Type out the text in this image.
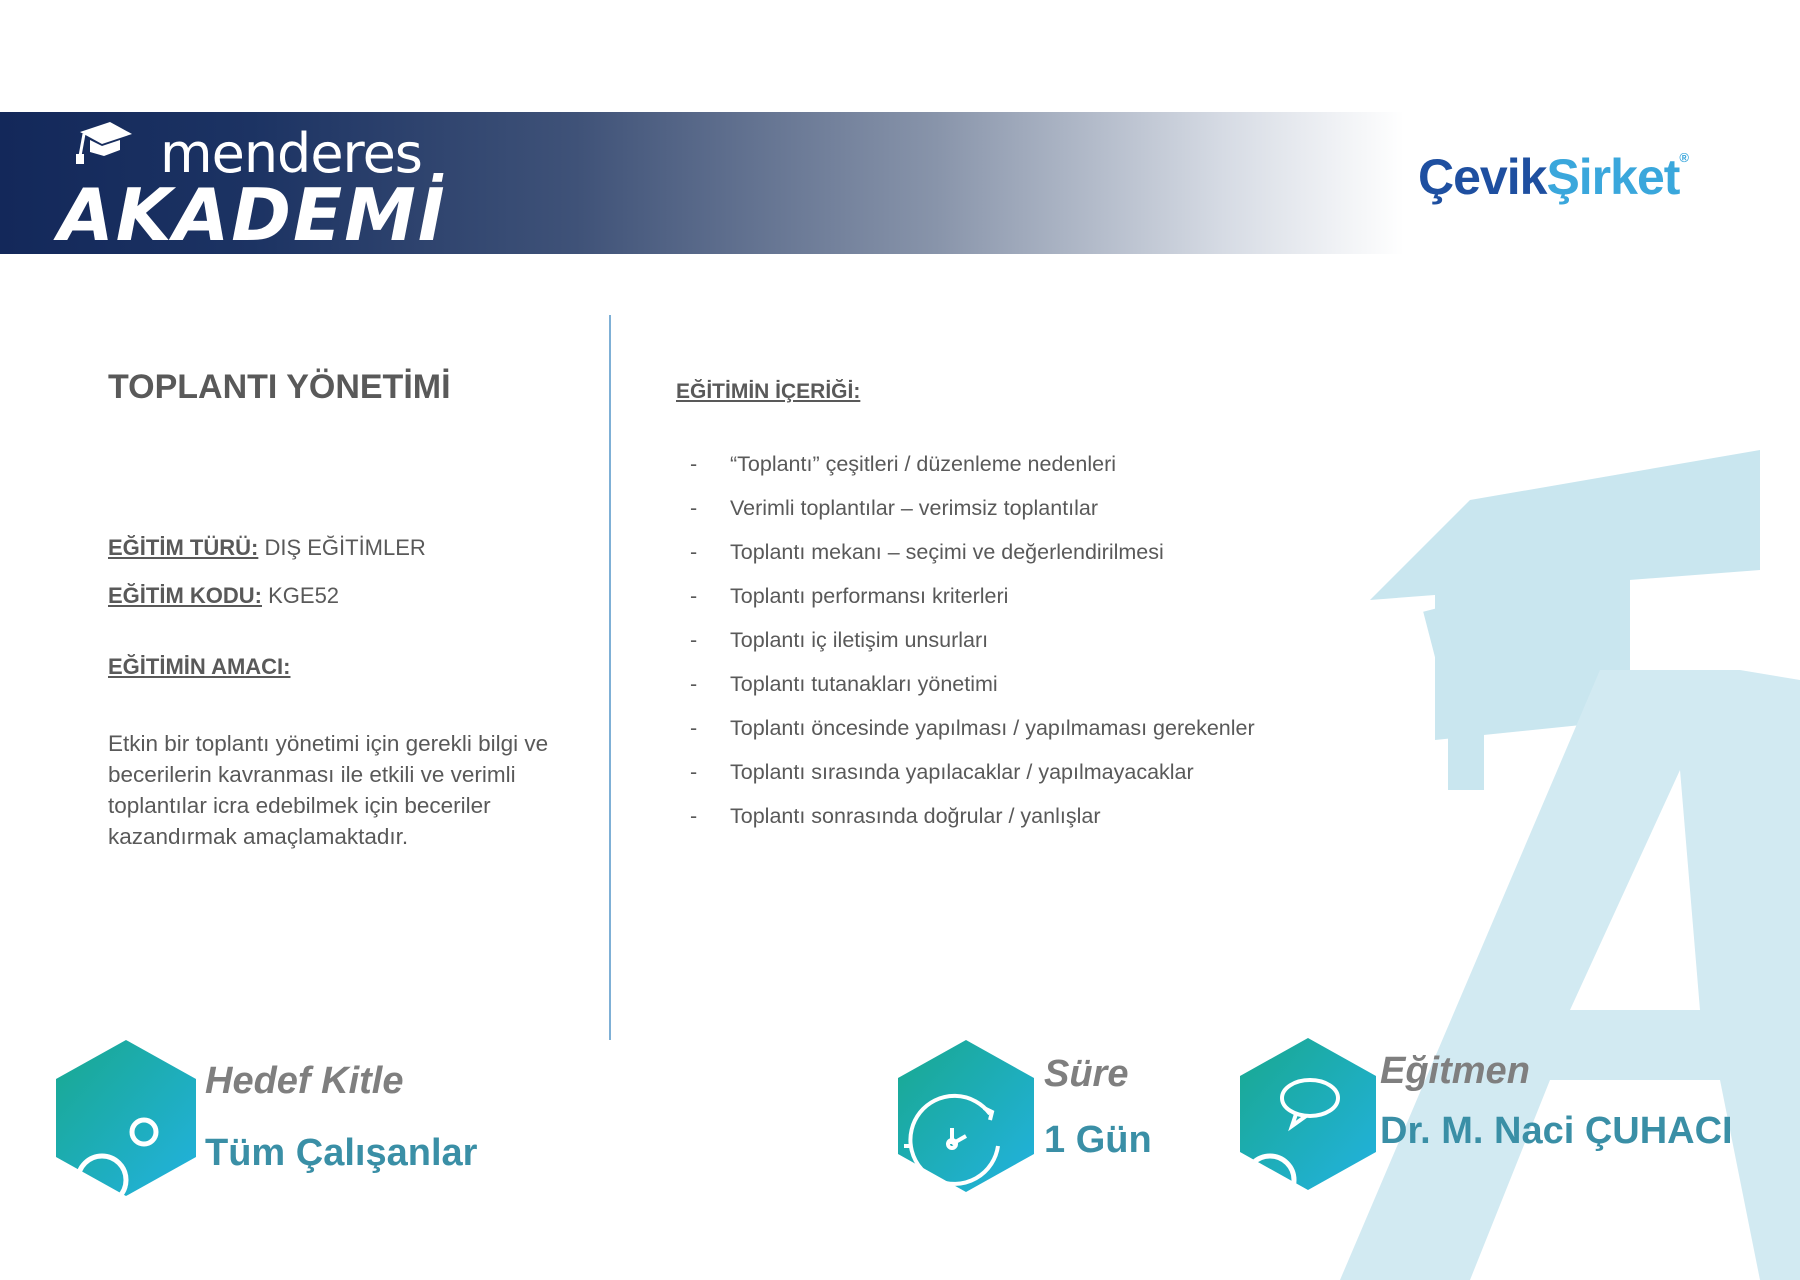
menderes
AKADEMİ	ÇevikŞirket®
TOPLANTI YÖNETİMİ
EĞİTİM TÜRÜ: DIŞ EĞİTİMLER
EĞİTİM KODU: KGE52
EĞİTİMİN AMACI:
Etkin bir toplantı yönetimi için gerekli bilgi ve becerilerin kavranması ile etkili ve verimli toplantılar icra edebilmek için beceriler kazandırmak amaçlamaktadır.
EĞİTİMİN İÇERİĞİ:
-	“Toplantı” çeşitleri / düzenleme nedenleri
-	Verimli toplantılar – verimsiz toplantılar
-	Toplantı mekanı – seçimi ve değerlendirilmesi
-	Toplantı performansı kriterleri
-	Toplantı iç iletişim unsurları
-	Toplantı tutanakları yönetimi
-	Toplantı öncesinde yapılması / yapılmaması gerekenler
-	Toplantı sırasında yapılacaklar / yapılmayacaklar
-	Toplantı sonrasında doğrular / yanlışlar
Hedef Kitle
Tüm Çalışanlar
Süre
1 Gün
Eğitmen
Dr. M. Naci ÇUHACI
